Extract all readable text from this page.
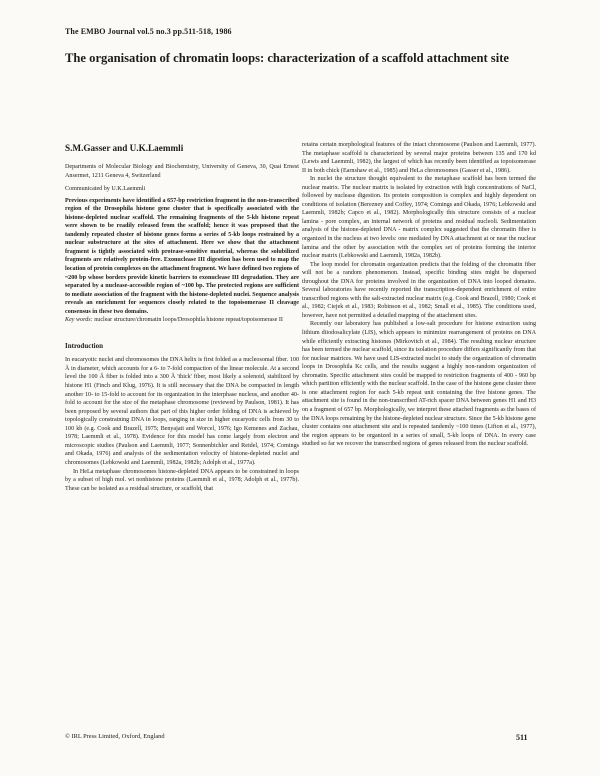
The EMBO Journal vol.5 no.3 pp.511-518, 1986
The organisation of chromatin loops: characterization of a scaffold attachment site
S.M.Gasser and U.K.Laemmli

Departments of Molecular Biology and Biochemistry, University of Geneva, 30, Quai Ernest Ansermet, 1211 Geneva 4, Switzerland

Communicated by U.K.Laemmli

Previous experiments have identified a 657-bp restriction fragment in the non-transcribed region of the Drosophila histone gene cluster that is specifically associated with the histone-depleted nuclear scaffold. The remaining fragments of the 5-kb histone repeat were shown to be readily released from the scaffold; hence it was proposed that the tandemly repeated cluster of histone genes forms a series of 5-kb loops restrained by a nuclear substructure at the sites of attachment. Here we show that the attachment fragment is tightly associated with protease-sensitive material, whereas the solubilized fragments are relatively protein-free. Exonuclease III digestion has been used to map the location of protein complexes on the attachment fragment. We have defined two regions of ~200 bp whose borders provide kinetic barriers to exonuclease III degradation. They are separated by a nuclease-accessible region of ~100 bp. The protected regions are sufficient to mediate association of the fragment with the histone-depleted nuclei. Sequence analysis reveals an enrichment for sequences closely related to the topoisomerase II cleavage consensus in these two domains.

Key words: nuclear structure/chromatin loops/Drosophila histone repeat/topoisomerase II

Introduction

In eucaryotic nuclei and chromosomes the DNA helix is first folded as a nucleosomal fiber. 100 Å in diameter, which accounts for a 6- to 7-fold compaction of the linear molecule. At a second level the 100 Å fiber is folded into a 300 Å 'thick' fiber, most likely a solenoid, stabilized by histone H1 (Finch and Klug, 1976). It is still necessary that the DNA be compacted in length another 10- to 15-fold to account for its organization in the interphase nucleus, and another 40-fold to account for the size of the metaphase chromosome (reviewed by Paulson, 1981). It has been proposed by several authors that part of this higher order folding of DNA is achieved by topologically constraining DNA in loops, ranging in size in higher eucaryotic cells from 30 to 100 kb (e.g. Cook and Brazell, 1975; Benyajati and Worcel, 1976; Igo Kemenes and Zachau, 1978; Laemmli et al., 1978). Evidence for this model has come largely from electron and microscopic studies (Paulson and Laemmli, 1977; Sonnenbichler and Reidel, 1974; Comings and Okada, 1976) and analysis of the sedimentation velocity of histone-depleted nuclei and chromosomes (Lebkowski and Laemmli, 1982a, 1982b; Adolph et al., 1977a).

In HeLa metaphase chromosomes histone-depleted DNA appears to be constrained in loops by a subset of high mol. wt nonhistone proteins (Laemmli et al., 1978; Adolph et al., 1977b). These can be isolated as a residual structure, or scaffold, that

retains certain morphological features of the intact chromosome (Paulson and Laemmli, 1977). The metaphase scaffold is characterized by several major proteins between 135 and 170 kd (Lewis and Laemmli, 1982), the largest of which has recently been identified as topoisomerase II in both chick (Earnshaw et al., 1985) and HeLa chromosomes (Gasser et al., 1986).

In nuclei the structure thought equivalent to the metaphase scaffold has been termed the nuclear matrix. The nuclear matrix is isolated by extraction with high concentrations of NaCl, followed by nuclease digestion. Its protein composition is complex and highly dependent on conditions of isolation (Berezney and Coffey, 1974; Comings and Okada, 1976; Lebkowski and Laemmli, 1982b; Capco et al., 1982). Morphologically this structure consists of a nuclear lamina - pore complex, an internal network of proteins and residual nucleoli. Sedimentation analysis of the histone-depleted DNA - matrix complex suggested that the chromatin fiber is organized in the nucleus at two levels: one mediated by DNA attachment at or near the nuclear lamina and the other by association with the complex set of proteins forming the interior nuclear matrix (Lebkowski and Laemmli, 1982a, 1982b).

The loop model for chromatin organization predicts that the folding of the chromatin fiber will not be a random phenomenon. Instead, specific binding sites might be dispersed throughout the DNA for proteins involved in the organization of DNA into looped domains. Several laboratories have recently reported the transcription-dependent enrichment of entire transcribed regions with the salt-extracted nuclear matrix (e.g. Cook and Brazell, 1980; Cook et al., 1982; Ciejek et al., 1983; Robinson et al., 1982; Small et al., 1985). The conditions used, however, have not permitted a detailed mapping of the attachment sites.

Recently our laboratory has published a low-salt procedure for histone extraction using lithium diiodosalicylate (LIS), which appears to minimize rearrangement of proteins on DNA while efficiently extracting histones (Mirkovitch et al., 1984). The resulting nuclear structure has been termed the nuclear scaffold, since its isolation procedure differs significantly from that for nuclear matrices. We have used LIS-extracted nuclei to study the organization of chromatin loops in Drosophila Kc cells, and the results suggest a highly non-random organization of chromatin. Specific attachment sites could be mapped to restriction fragments of 400 - 960 bp which partition efficiently with the nuclear scaffold. In the case of the histone gene cluster there is one attachment region for each 5-kb repeat unit containing the five histone genes. The attachment site is found in the non-transcribed AT-rich spacer DNA between genes H1 and H3 on a fragment of 657 bp. Morphologically, we interpret these attached fragments as the bases of the DNA loops remaining by the histone-depleted nuclear structure. Since the 5-kb histone gene cluster contains one attachment site and is repeated tandemly ~100 times (Lifton et al., 1977), the region appears to be organized in a series of small, 5-kb loops of DNA. In every case studied so far we recover the transcribed regions of genes released from the nuclear scaffold.

© IRL Press Limited, Oxford, England	511
